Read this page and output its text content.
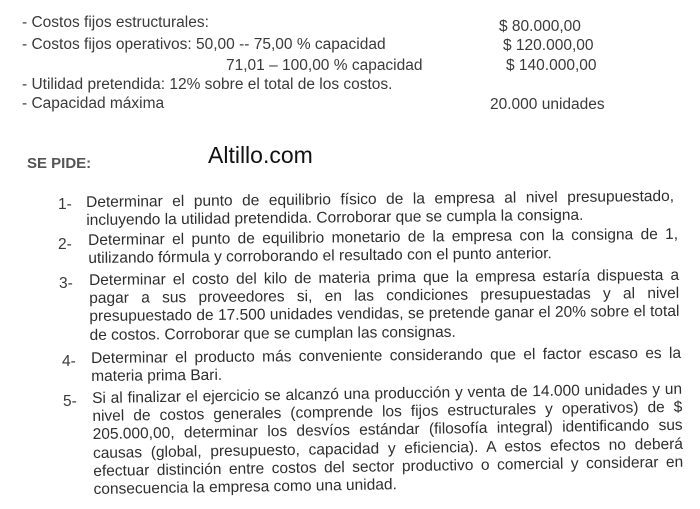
- Costos fijos estructurales:	$ 80.000,00
- Costos fijos operativos: 50,00 -- 75,00 % capacidad	$ 120.000,00
71,01 – 100,00 % capacidad	$ 140.000,00
- Utilidad pretendida: 12% sobre el total de los costos.
- Capacidad máxima	20.000 unidades
SE PIDE:	Altillo.com
1- Determinar el punto de equilibrio físico de la empresa al nivel presupuestado, incluyendo la utilidad pretendida. Corroborar que se cumpla la consigna.
2- Determinar el punto de equilibrio monetario de la empresa con la consigna de 1, utilizando fórmula y corroborando el resultado con el punto anterior.
3- Determinar el costo del kilo de materia prima que la empresa estaría dispuesta a pagar a sus proveedores si, en las condiciones presupuestadas y al nivel presupuestado de 17.500 unidades vendidas, se pretende ganar el 20% sobre el total de costos. Corroborar que se cumplan las consignas.
4- Determinar el producto más conveniente considerando que el factor escaso es la materia prima Bari.
5- Si al finalizar el ejercicio se alcanzó una producción y venta de 14.000 unidades y un nivel de costos generales (comprende los fijos estructurales y operativos) de $ 205.000,00, determinar los desvíos estándar (filosofía integral) identificando sus causas (global, presupuesto, capacidad y eficiencia). A estos efectos no deberá efectuar distinción entre costos del sector productivo o comercial y considerar en consecuencia la empresa como una unidad.
